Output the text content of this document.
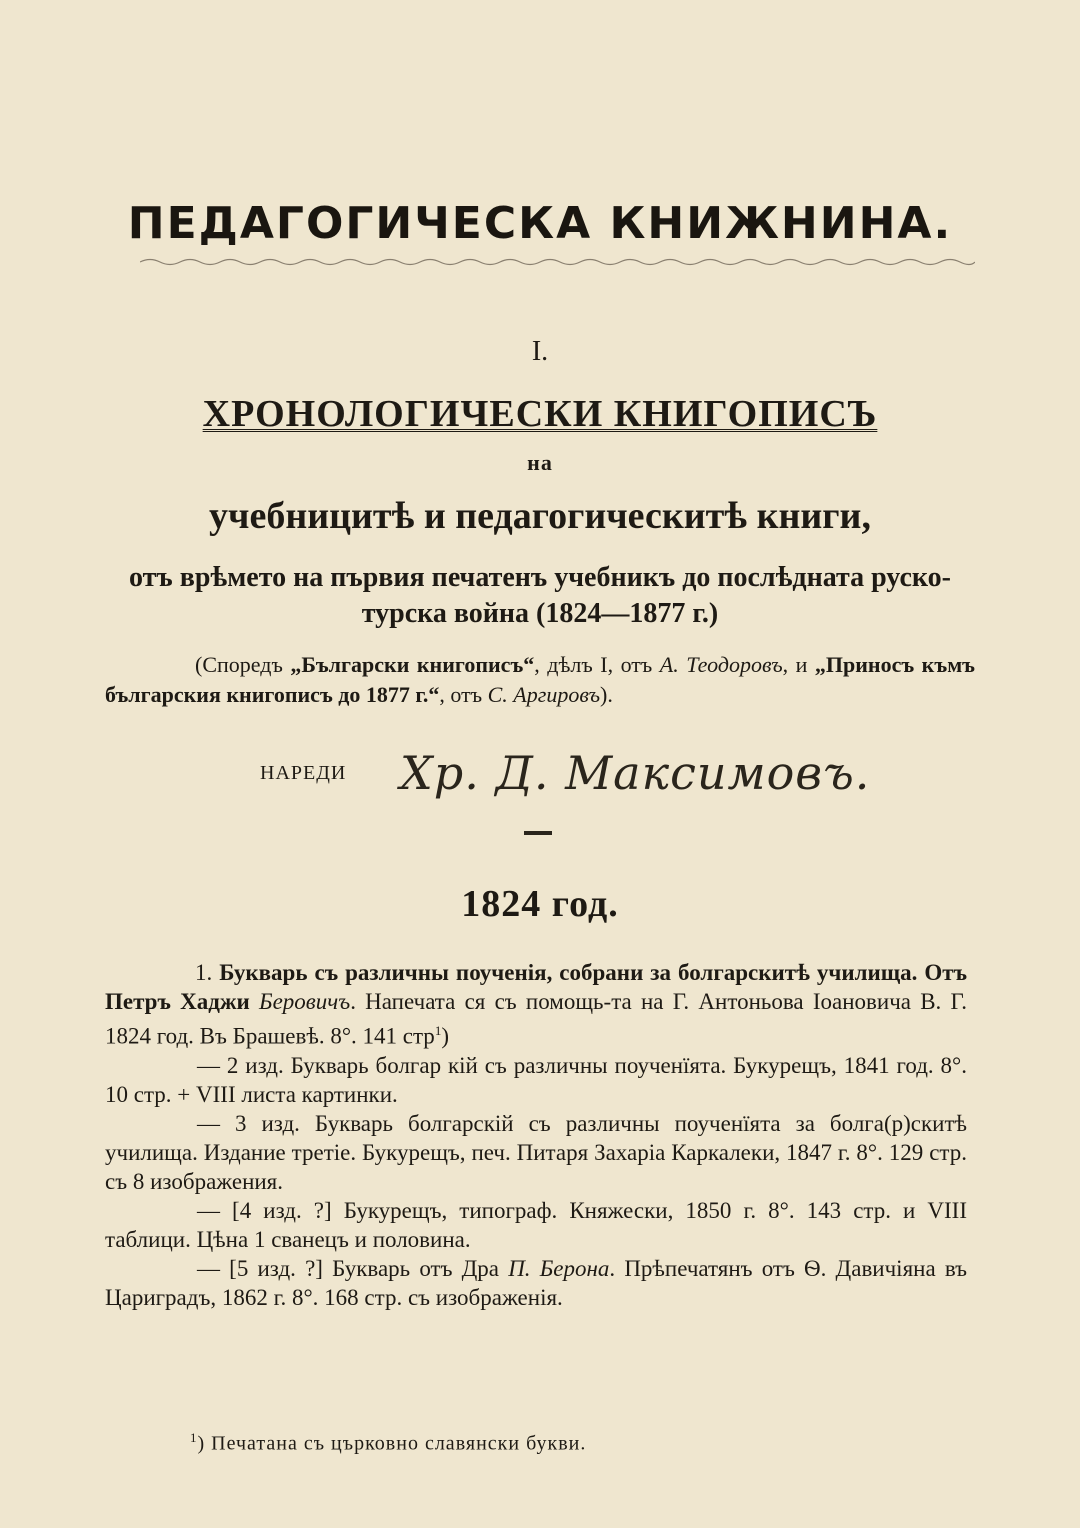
ПЕДАГОГИЧЕСКА КНИЖНИНА.
I.
ХРОНОЛОГИЧЕСКИ КНИГОПИСЪ
на
учебницитѣ и педагогическитѣ книги,
отъ врѣмето на първия печатенъ учебникъ до послѣдната руско-турска война (1824—1877 г.)
(Споредъ „Български книгописъ“, дѣлъ I, отъ А. Теодоровъ, и „Приносъ къмъ българския книгописъ до 1877 г.“, отъ С. Аргировъ).
НАРЕДИ Хр. Д. Максимовъ.
1824 год.

1. Букварь съ различны поученія, собрани за болгарскитѣ училища. Отъ Петръ Хаджи Беровичъ. Напечата ся съ помощь-та на Г. Антоньова Іоановича В. Г. 1824 год. Въ Брашевѣ. 8°. 141 стр$^1$)

— 2 изд. Букварь болгар кій съ различны поученїята. Букурещъ, 1841 год. 8°. 10 стр. + VIII листа картинки.

— 3 изд. Букварь болгарскій съ различны поученїята за болга(р)скитѣ училища. Издание третіе. Букурещъ, печ. Питаря Захаріа Каркалеки, 1847 г. 8°. 129 стр. съ 8 изображения.

— [4 изд. ?] Букурещъ, типограф. Княжески, 1850 г. 8°. 143 стр. и VIII таблици. Цѣна 1 сванецъ и половина.

— [5 изд. ?] Букварь отъ Дра П. Берона. Прѣпечатянъ отъ Ѳ. Давичіяна въ Цариградъ, 1862 г. 8°. 168 стр. съ изображенія.

$^1$) Печатана съ църковно славянски букви.
